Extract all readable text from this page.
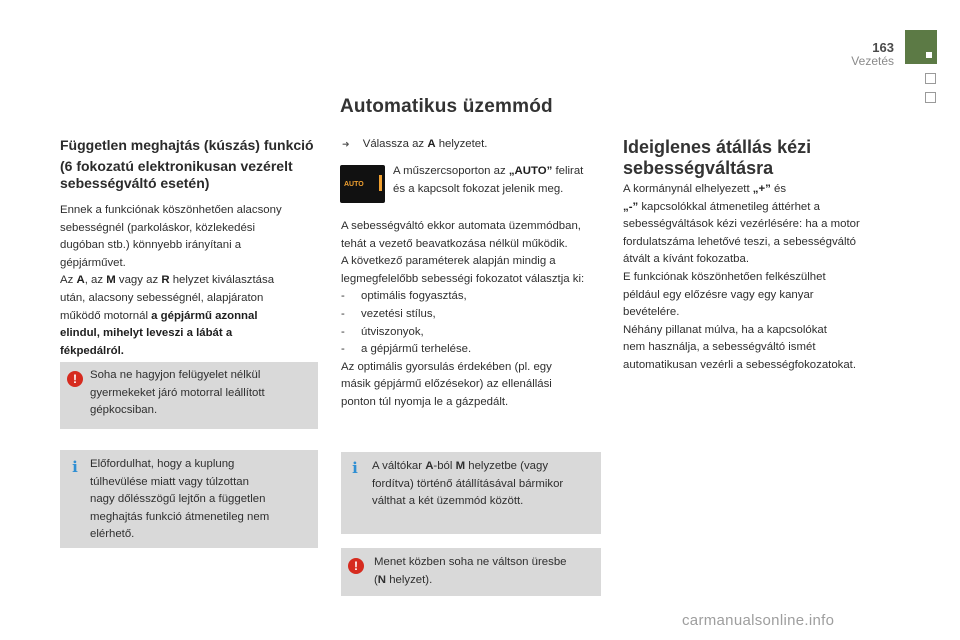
163
Vezetés
Automatikus üzemmód
Független meghajtás (kúszás) funkció
(6 fokozatú elektronikusan vezérelt sebességváltó esetén)
Ennek a funkciónak köszönhetően alacsony
sebességnél (parkoláskor, közlekedési
dugóban stb.) könnyebb irányítani a
gépjárművet.
Az A, az M vagy az R helyzet kiválasztása
után, alacsony sebességnél, alapjáraton
működő motornál a gépjármű azonnal
elindul, mihelyt leveszi a lábát a
fékpedálról.
!	Soha ne hagyjon felügyelet nélkül
gyermekeket járó motorral leállított
gépkocsiban.
i	Előfordulhat, hogy a kuplung
túlhevülése miatt vagy túlzottan
nagy dőlésszögű lejtőn a független
meghajtás funkció átmenetileg nem
elérhető.
➜ Válassza az A helyzetet.
AUTO
A műszercsoporton az „AUTO” felirat
és a kapcsolt fokozat jelenik meg.
A sebességváltó ekkor automata üzemmódban,
tehát a vezető beavatkozása nélkül működik.
A következő paraméterek alapján mindig a
legmegfelelőbb sebességi fokozatot választja ki:
- optimális fogyasztás,
- vezetési stílus,
- útviszonyok,
- a gépjármű terhelése.
Az optimális gyorsulás érdekében (pl. egy
másik gépjármű előzésekor) az ellenállási
ponton túl nyomja le a gázpedált.
i	A váltókar A-ból M helyzetbe (vagy
fordítva) történő átállításával bármikor
válthat a két üzemmód között.
!	Menet közben soha ne váltson üresbe
(N helyzet).
Ideiglenes átállás kézi sebességváltásra
A kormánynál elhelyezett „+” és
„-” kapcsolókkal átmenetileg áttérhet a
sebességváltások kézi vezérlésére: ha a motor
fordulatszáma lehetővé teszi, a sebességváltó
átvált a kívánt fokozatba.
E funkciónak köszönhetően felkészülhet
például egy előzésre vagy egy kanyar
bevételére.
Néhány pillanat múlva, ha a kapcsolókat
nem használja, a sebességváltó ismét
automatikusan vezérli a sebességfokozatokat.
carmanualsonline.info
